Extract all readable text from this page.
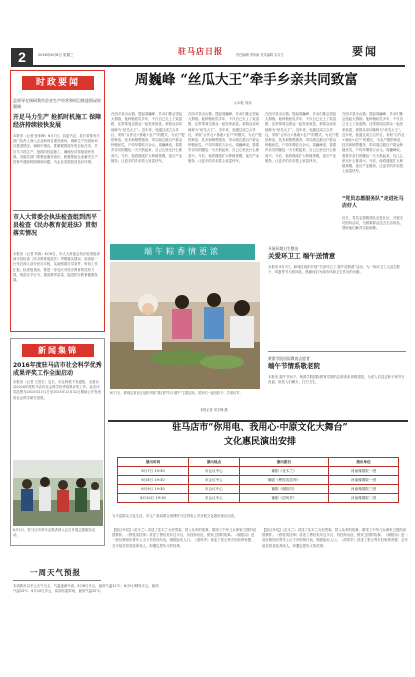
2	2016年6月8日 星期三	驻马店日报	责任编辑 李传新 美术编辑 实习生	要闻
时政要闻
县领导在调研我市企业生产经营和项目推进情况时强调
开足马力生产 抢抓时机施工 保障经济持续较快发展
本报讯（记者 张家峰）6月7日，县委书记、县长带领有关部门负责人深入企业和项目建设现场，调研生产经营和项目推进情况。调研中指出，要紧紧围绕年度目标任务，开足马力抓生产，抢抓时机促施工，确保经济持续较快发展。各级各部门要强化服务意识，积极帮助企业解决生产经营中遇到的困难和问题，为企业发展营造良好环境。
市人大常委会执法检查组到西平县检查《民办教育促进法》贯彻落实情况
本报讯（记者 刘涛）6月6日，市人大常委会执法检查组到西平县检查《民办教育促进法》贯彻落实情况。检查组一行先后深入部分民办学校，实地察看办学条件，听取工作汇报。检查组指出，要进一步加大对民办教育的扶持力度，规范办学行为，提高教育质量，促进民办教育健康发展。
新闻集锦
2016年度驻马店市社会科学优秀成果评奖工作全面启动
本报讯（记者 王春生）近日，市社科联下发通知，全面启动2016年度驻马店市社会科学优秀成果评奖工作。此次评奖范围为2015年1月1日至2015年12月31日期间公开发表的社会科学研究成果。
6月5日，驻马店市青年志愿者深入社区开展志愿服务活动。
一周天气预报
本周我市以多云天气为主，气温逐渐升高。6月8日多云，最高气温31℃；6月9日晴转多云，最高气温33℃；6月10日多云，局部有雷阵雨，最高气温32℃。
周巍峰 “丝瓜大王”牵手乡亲共同致富
◎本报 刘伟
在西平县出山镇，提起周巍峰，乡亲们都会竖起大拇指。他种植丝瓜多年，不仅自己走上了致富路，还带领周边群众一起发家致富，被群众亲切地称为“丝瓜大王”。近年来，他通过成立合作社，采取“合作社+基地+农户”的模式，为农户提供种苗、技术和销售服务，带动周边数百户群众种植丝瓜，户均年增收万余元。周巍峰说，看着乡亲们的腰包一天天鼓起来，自己心里比什么都高兴。今后，他将继续扩大种植规模，延长产业链条，让更多的乡亲搭上致富快车。
在西平县出山镇，提起周巍峰，乡亲们都会竖起大拇指。他种植丝瓜多年，不仅自己走上了致富路，还带领周边群众一起发家致富，被群众亲切地称为“丝瓜大王”。近年来，他通过成立合作社，采取“合作社+基地+农户”的模式，为农户提供种苗、技术和销售服务，带动周边数百户群众种植丝瓜，户均年增收万余元。周巍峰说，看着乡亲们的腰包一天天鼓起来，自己心里比什么都高兴。今后，他将继续扩大种植规模，延长产业链条，让更多的乡亲搭上致富快车。
在西平县出山镇，提起周巍峰，乡亲们都会竖起大拇指。他种植丝瓜多年，不仅自己走上了致富路，还带领周边群众一起发家致富，被群众亲切地称为“丝瓜大王”。近年来，他通过成立合作社，采取“合作社+基地+农户”的模式，为农户提供种苗、技术和销售服务，带动周边数百户群众种植丝瓜，户均年增收万余元。周巍峰说，看着乡亲们的腰包一天天鼓起来，自己心里比什么都高兴。今后，他将继续扩大种植规模，延长产业链条，让更多的乡亲搭上致富快车。
在西平县出山镇，提起周巍峰，乡亲们都会竖起大拇指。他种植丝瓜多年，不仅自己走上了致富路，还带领周边群众一起发家致富，被群众亲切地称为“丝瓜大王”。近年来，他通过成立合作社，采取“合作社+基地+农户”的模式，为农户提供种苗、技术和销售服务，带动周边数百户群众种植丝瓜，户均年增收万余元。周巍峰说，看着乡亲们的腰包一天天鼓起来，自己心里比什么都高兴。今后，他将继续扩大种植规模，延长产业链条，让更多的乡亲搭上致富快车。
“党员志愿服务队”走进社马店好人
近日，党员志愿服务队走进社区，开展走访慰问活动，为困难群众送去生活用品，帮助他们解决实际困难。
端午粽香情更浓
6月7日，驿城区某社区组织开展“我们的节日·端午”主题活动，居民们一起包粽子，共度佳节。
本报记者 刘宇峰 摄
开展环境卫生整治
关爱环卫工 端午送情意
本报讯 6月7日，驿城区组织开展“关爱环卫工 端午送情意”活动，为一线环卫工人送去粽子、鸡蛋等节日慰问品，感谢他们为城市环境卫生作出的贡献。
黄淮学院国际教育志愿者
端午节情系敬老院
本报讯 端午节前夕，黄淮学院国际教育学院的志愿者来到敬老院，为老人们送去粽子和节日祝福，陪老人们聊天、打扫卫生。
驻马店市“你用电、我用心·中原文化大舞台”
文化惠民演出安排
演出时间	演出地点	演出剧目	演出单位
6月7日 19:30	市会议中心	豫剧《花木兰》	河南豫剧院一团
6月8日 19:30	市会议中心	豫剧《穆桂英挂帅》	河南豫剧院一团
6月9日 19:30	市会议中心	豫剧《朝阳沟》	河南豫剧院三团
6月10日 19:30	市会议中心	豫剧《清风亭》	河南豫剧院二团
为丰富群众文化生活，市文广新局联合国网驻马店供电公司开展文化惠民演出活动。
【剧目介绍】《花木兰》讲述了花木兰女扮男装、替父从军的故事，歌颂了中华儿女保家卫国的爱国情怀。《穆桂英挂帅》讲述了穆桂英年过半百，仍挂帅出征、保家卫国的故事。《朝阳沟》是一部反映知识青年上山下乡的现代戏，唱段脍炙人口。《清风亭》讲述了张元秀夫妇收养弃婴、含辛茹苦将其抚养成人，却遭忘恩负义的故事。
【剧目介绍】《花木兰》讲述了花木兰女扮男装、替父从军的故事，歌颂了中华儿女保家卫国的爱国情怀。《穆桂英挂帅》讲述了穆桂英年过半百，仍挂帅出征、保家卫国的故事。《朝阳沟》是一部反映知识青年上山下乡的现代戏，唱段脍炙人口。《清风亭》讲述了张元秀夫妇收养弃婴、含辛茹苦将其抚养成人，却遭忘恩负义的故事。
